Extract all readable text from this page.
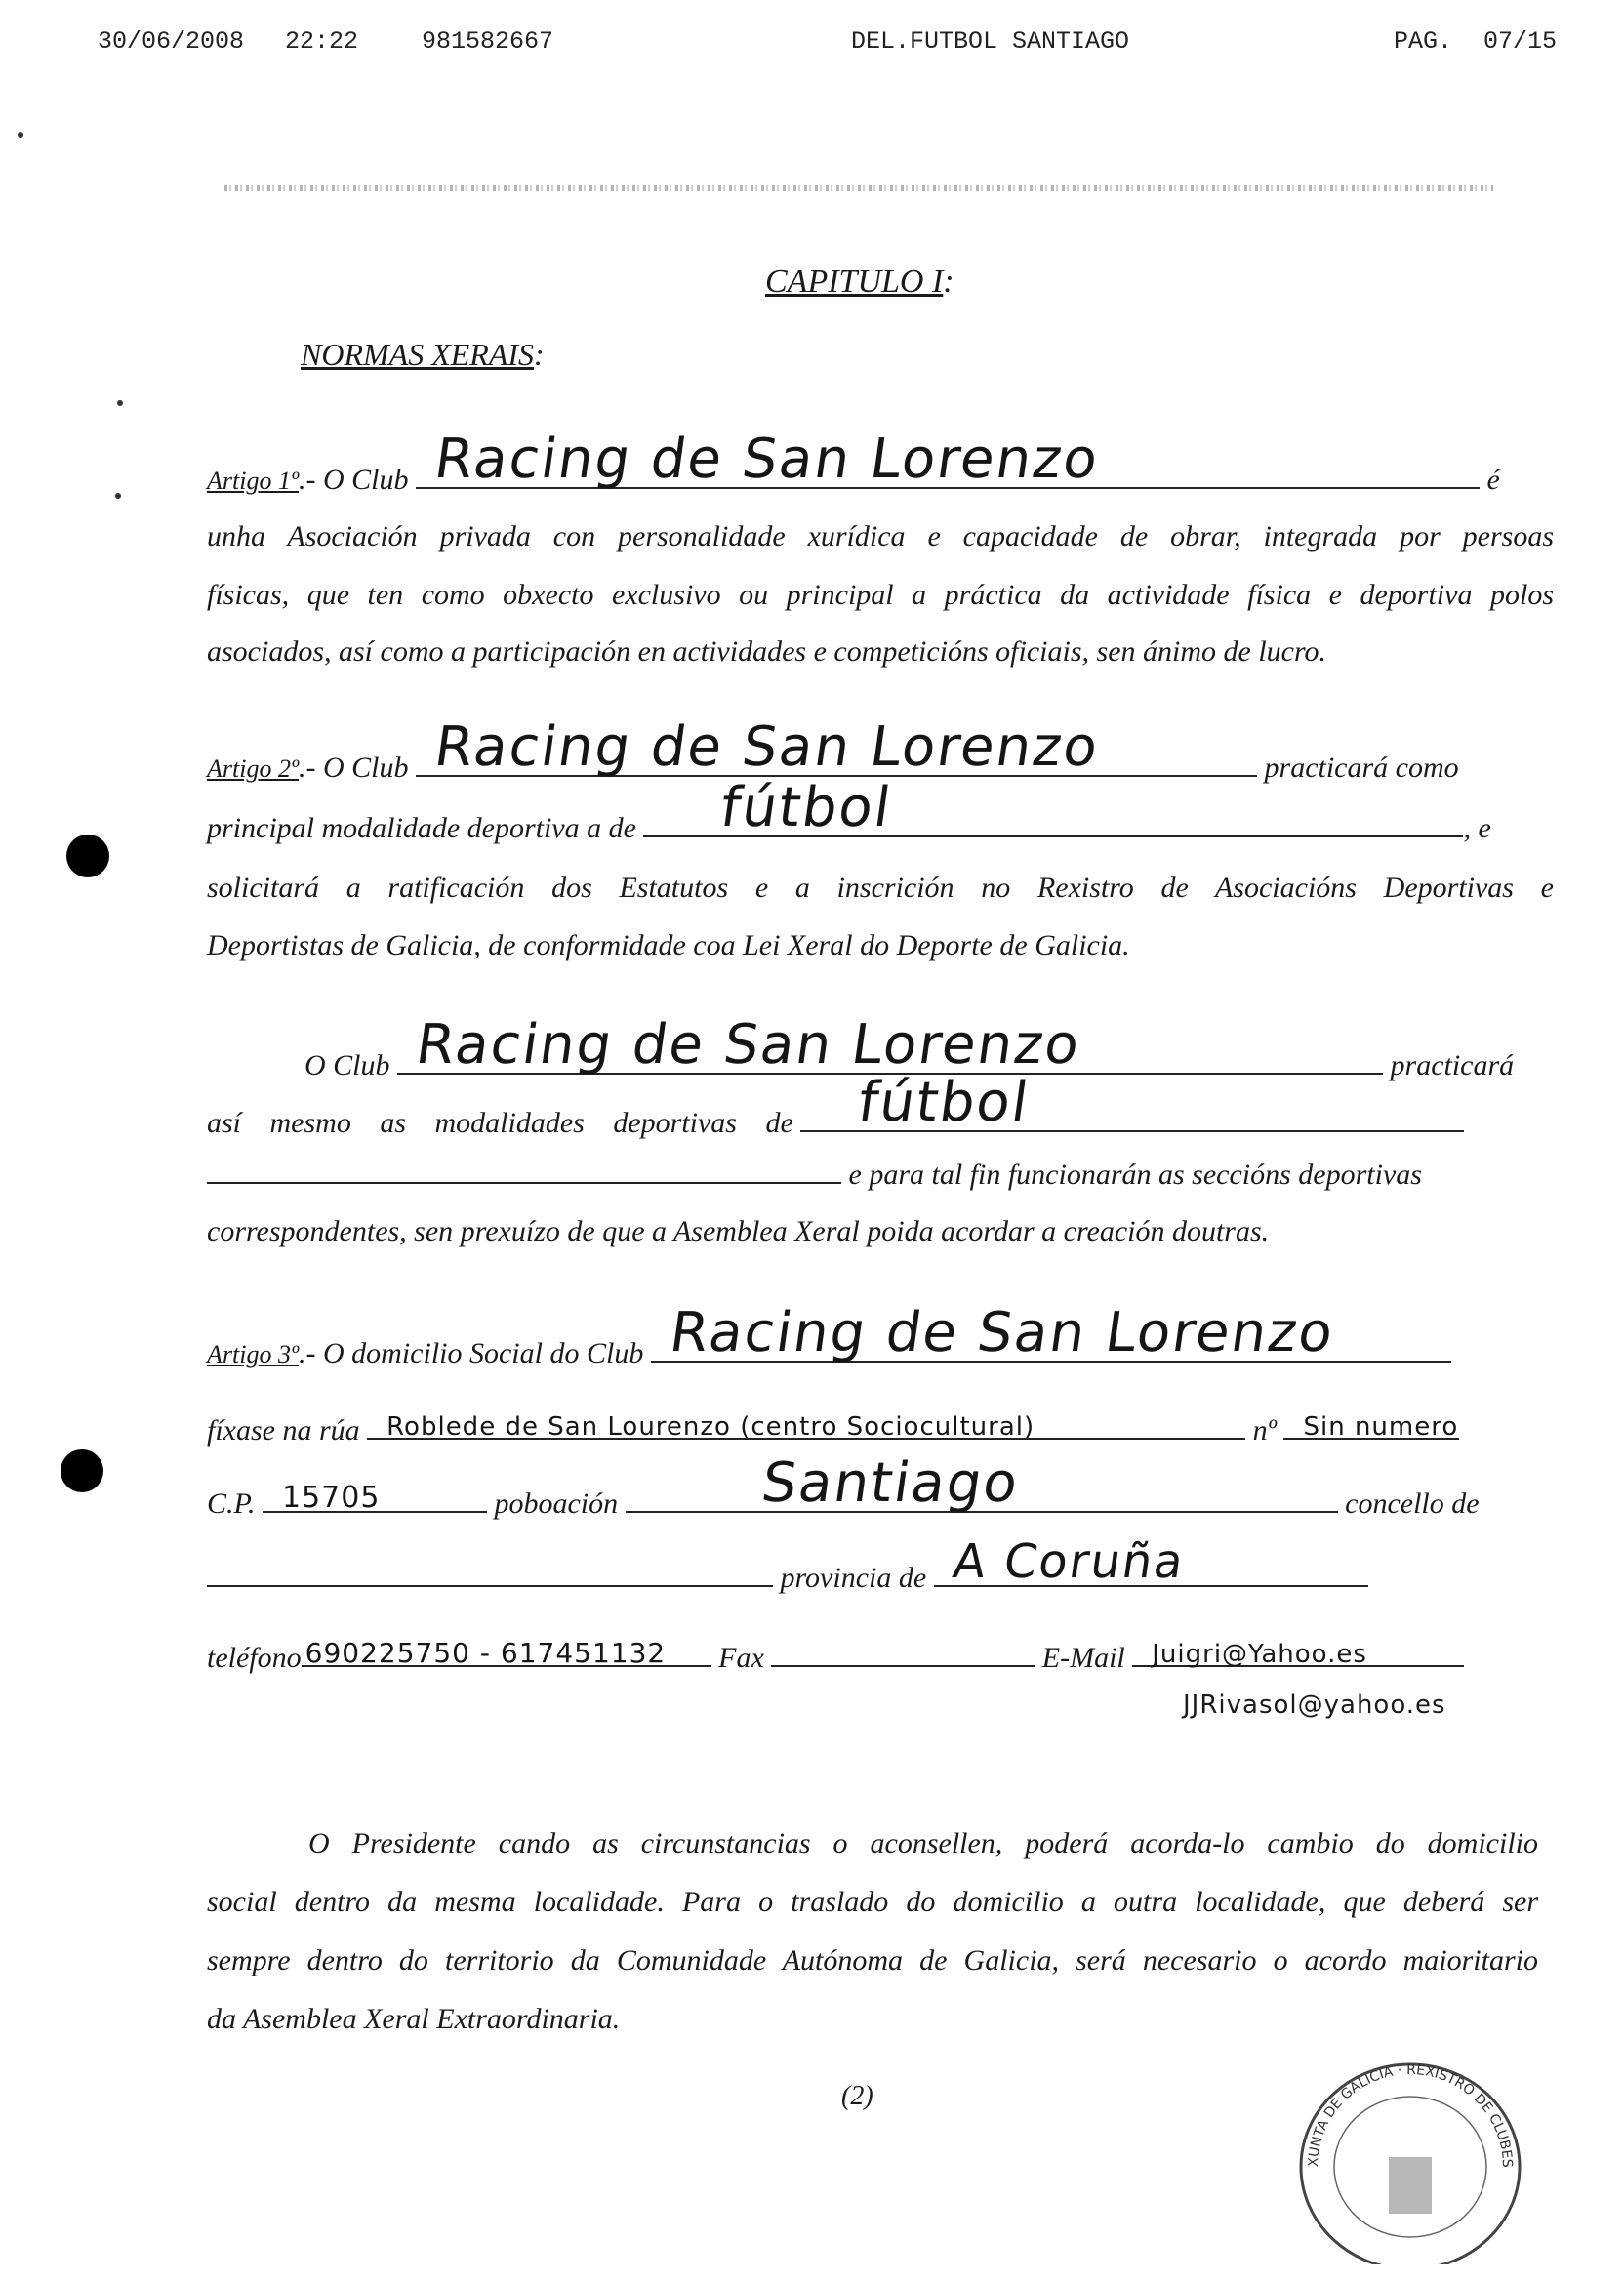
30/06/2008 22:22	981582667	DEL.FUTBOL SANTIAGO	PAG. 07/15
CAPITULO I:
NORMAS XERAIS:
Artigo 1º.- O Club Racing de San Lorenzo	é
unha Asociación privada con personalidade xurídica e capacidade de obrar, integrada por persoas
físicas, que ten como obxecto exclusivo ou principal a práctica da actividade física e deportiva polos
asociados, así como a participación en actividades e competicións oficiais, sen ánimo de lucro.
Artigo 2º.- O Club Racing de San Lorenzo	practicará como
principal modalidade deportiva a de fútbol	, e
solicitará a ratificación dos Estatutos e a inscrición no Rexistro de Asociacións Deportivas e
Deportistas de Galicia, de conformidade coa Lei Xeral do Deporte de Galicia.
O Club Racing de San Lorenzo	practicará
así mesmo as modalidades deportivas de fútbol
e para tal fin funcionarán as seccións deportivas
correspondentes, sen prexuízo de que a Asemblea Xeral poida acordar a creación doutras.
Artigo 3º.- O domicilio Social do Club Racing de San Lorenzo
fíxase na rúa Roblede de San Lourenzo (centro Sociocultural)	nº Sin numero
C.P. 15705	poboación	Santiago	concello de
provincia de A Coruña
teléfono 690225750 - 617451132 Fax	E-Mail Juigri@Yahoo.es
JJRivasol@yahoo.es
O Presidente cando as circunstancias o aconsellen, poderá acorda-lo cambio do domicilio
social dentro da mesma localidade. Para o traslado do domicilio a outra localidade, que deberá ser
sempre dentro do territorio da Comunidade Autónoma de Galicia, será necesario o acordo maioritario
da Asemblea Xeral Extraordinaria.
(2)
XUNTA DE GALICIA · REXISTRO DE CLUBES
